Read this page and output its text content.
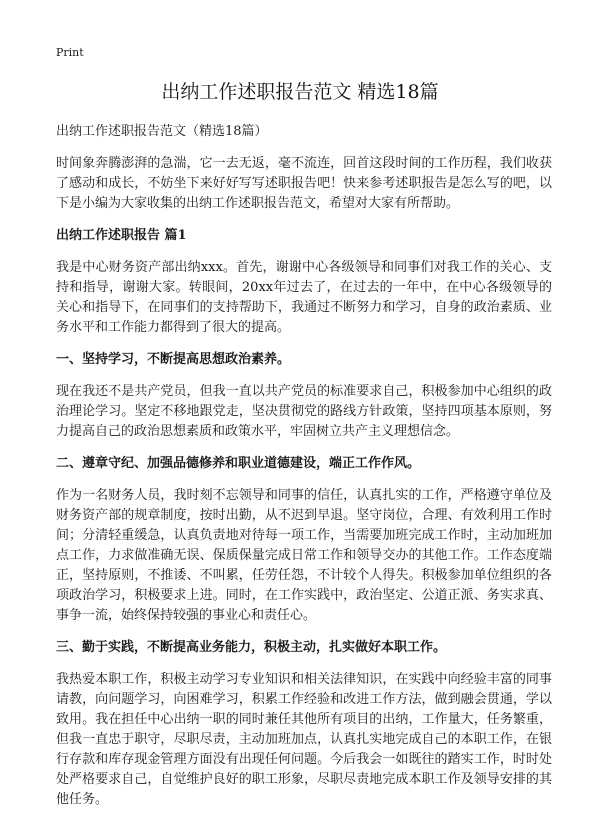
Print
出纳工作述职报告范文 精选18篇

出纳工作述职报告范文（精选18篇）

时间象奔腾澎湃的急湍，它一去无返，毫不流连，回首这段时间的工作历程，我们收获了感动和成长，不妨坐下来好好写写述职报告吧！快来参考述职报告是怎么写的吧，以下是小编为大家收集的出纳工作述职报告范文，希望对大家有所帮助。

出纳工作述职报告 篇1

我是中心财务资产部出纳xxx。首先，谢谢中心各级领导和同事们对我工作的关心、支持和指导，谢谢大家。转眼间，20xx年过去了，在过去的一年中，在中心各级领导的关心和指导下，在同事们的支持帮助下，我通过不断努力和学习，自身的政治素质、业务水平和工作能力都得到了很大的提高。

一、坚持学习，不断提高思想政治素养。

现在我还不是共产党员，但我一直以共产党员的标准要求自己，积极参加中心组织的政治理论学习。坚定不移地跟党走，坚决贯彻党的路线方针政策，坚持四项基本原则，努力提高自己的政治思想素质和政策水平，牢固树立共产主义理想信念。

二、遵章守纪、加强品德修养和职业道德建设，端正工作作风。

作为一名财务人员，我时刻不忘领导和同事的信任，认真扎实的工作，严格遵守单位及财务资产部的规章制度，按时出勤，从不迟到早退。坚守岗位，合理、有效利用工作时间；分清轻重缓急，认真负责地对待每一项工作，当需要加班完成工作时，主动加班加点工作，力求做准确无误、保质保量完成日常工作和领导交办的其他工作。工作态度端正，坚持原则，不推诿、不叫累，任劳任怨，不计较个人得失。积极参加单位组织的各项政治学习，积极要求上进。同时，在工作实践中，政治坚定、公道正派、务实求真、事争一流，始终保持较强的事业心和责任心。

三、勤于实践，不断提高业务能力，积极主动，扎实做好本职工作。

我热爱本职工作，积极主动学习专业知识和相关法律知识，在实践中向经验丰富的同事请教，向问题学习，向困难学习，积累工作经验和改进工作方法，做到融会贯通，学以致用。我在担任中心出纳一职的同时兼任其他所有项目的出纳，工作量大，任务繁重，但我一直忠于职守，尽职尽责，主动加班加点，认真扎实地完成自己的本职工作，在银行存款和库存现金管理方面没有出现任何问题。今后我会一如既往的踏实工作，时时处处严格要求自己，自觉维护良好的职工形象，尽职尽责地完成本职工作及领导安排的其他任务。
